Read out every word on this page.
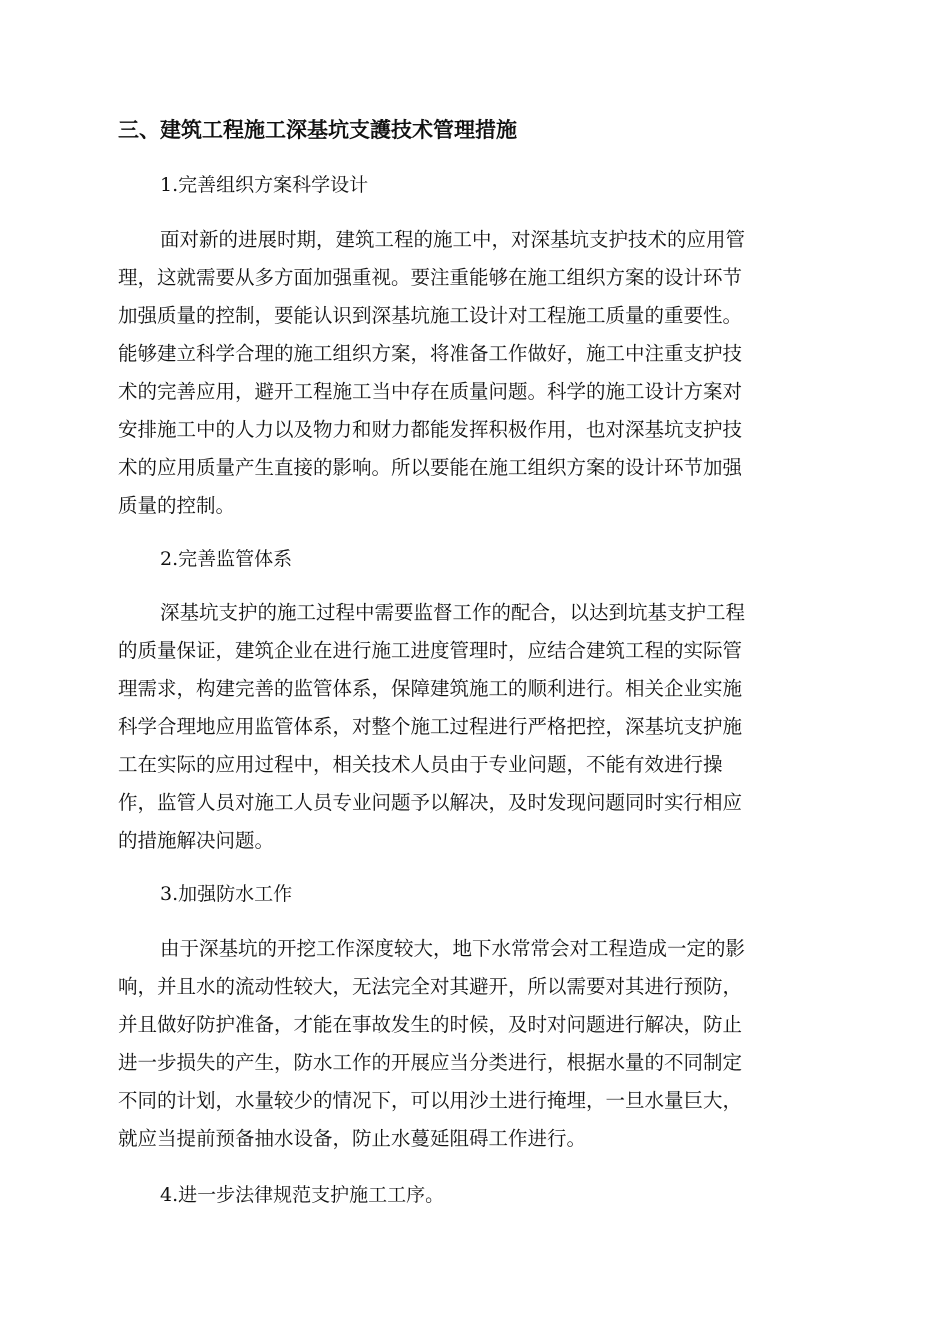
三、建筑工程施工深基坑支護技术管理措施
1.完善组织方案科学设计
面对新的进展时期，建筑工程的施工中，对深基坑支护技术的应用管
理，这就需要从多方面加强重视。要注重能够在施工组织方案的设计环节
加强质量的控制，要能认识到深基坑施工设计对工程施工质量的重要性。
能够建立科学合理的施工组织方案，将准备工作做好，施工中注重支护技
术的完善应用，避开工程施工当中存在质量问题。科学的施工设计方案对
安排施工中的人力以及物力和财力都能发挥积极作用，也对深基坑支护技
术的应用质量产生直接的影响。所以要能在施工组织方案的设计环节加强
质量的控制。
2.完善监管体系
深基坑支护的施工过程中需要监督工作的配合，以达到坑基支护工程
的质量保证，建筑企业在进行施工进度管理时，应结合建筑工程的实际管
理需求，构建完善的监管体系，保障建筑施工的顺利进行。相关企业实施
科学合理地应用监管体系，对整个施工过程进行严格把控，深基坑支护施
工在实际的应用过程中，相关技术人员由于专业问题，不能有效进行操
作，监管人员对施工人员专业问题予以解决，及时发现问题同时实行相应
的措施解决问题。
3.加强防水工作
由于深基坑的开挖工作深度较大，地下水常常会对工程造成一定的影
响，并且水的流动性较大，无法完全对其避开，所以需要对其进行预防，
并且做好防护准备，才能在事故发生的时候，及时对问题进行解决，防止
进一步损失的产生，防水工作的开展应当分类进行，根据水量的不同制定
不同的计划，水量较少的情况下，可以用沙土进行掩埋，一旦水量巨大，
就应当提前预备抽水设备，防止水蔓延阻碍工作进行。
4.进一步法律规范支护施工工序。
